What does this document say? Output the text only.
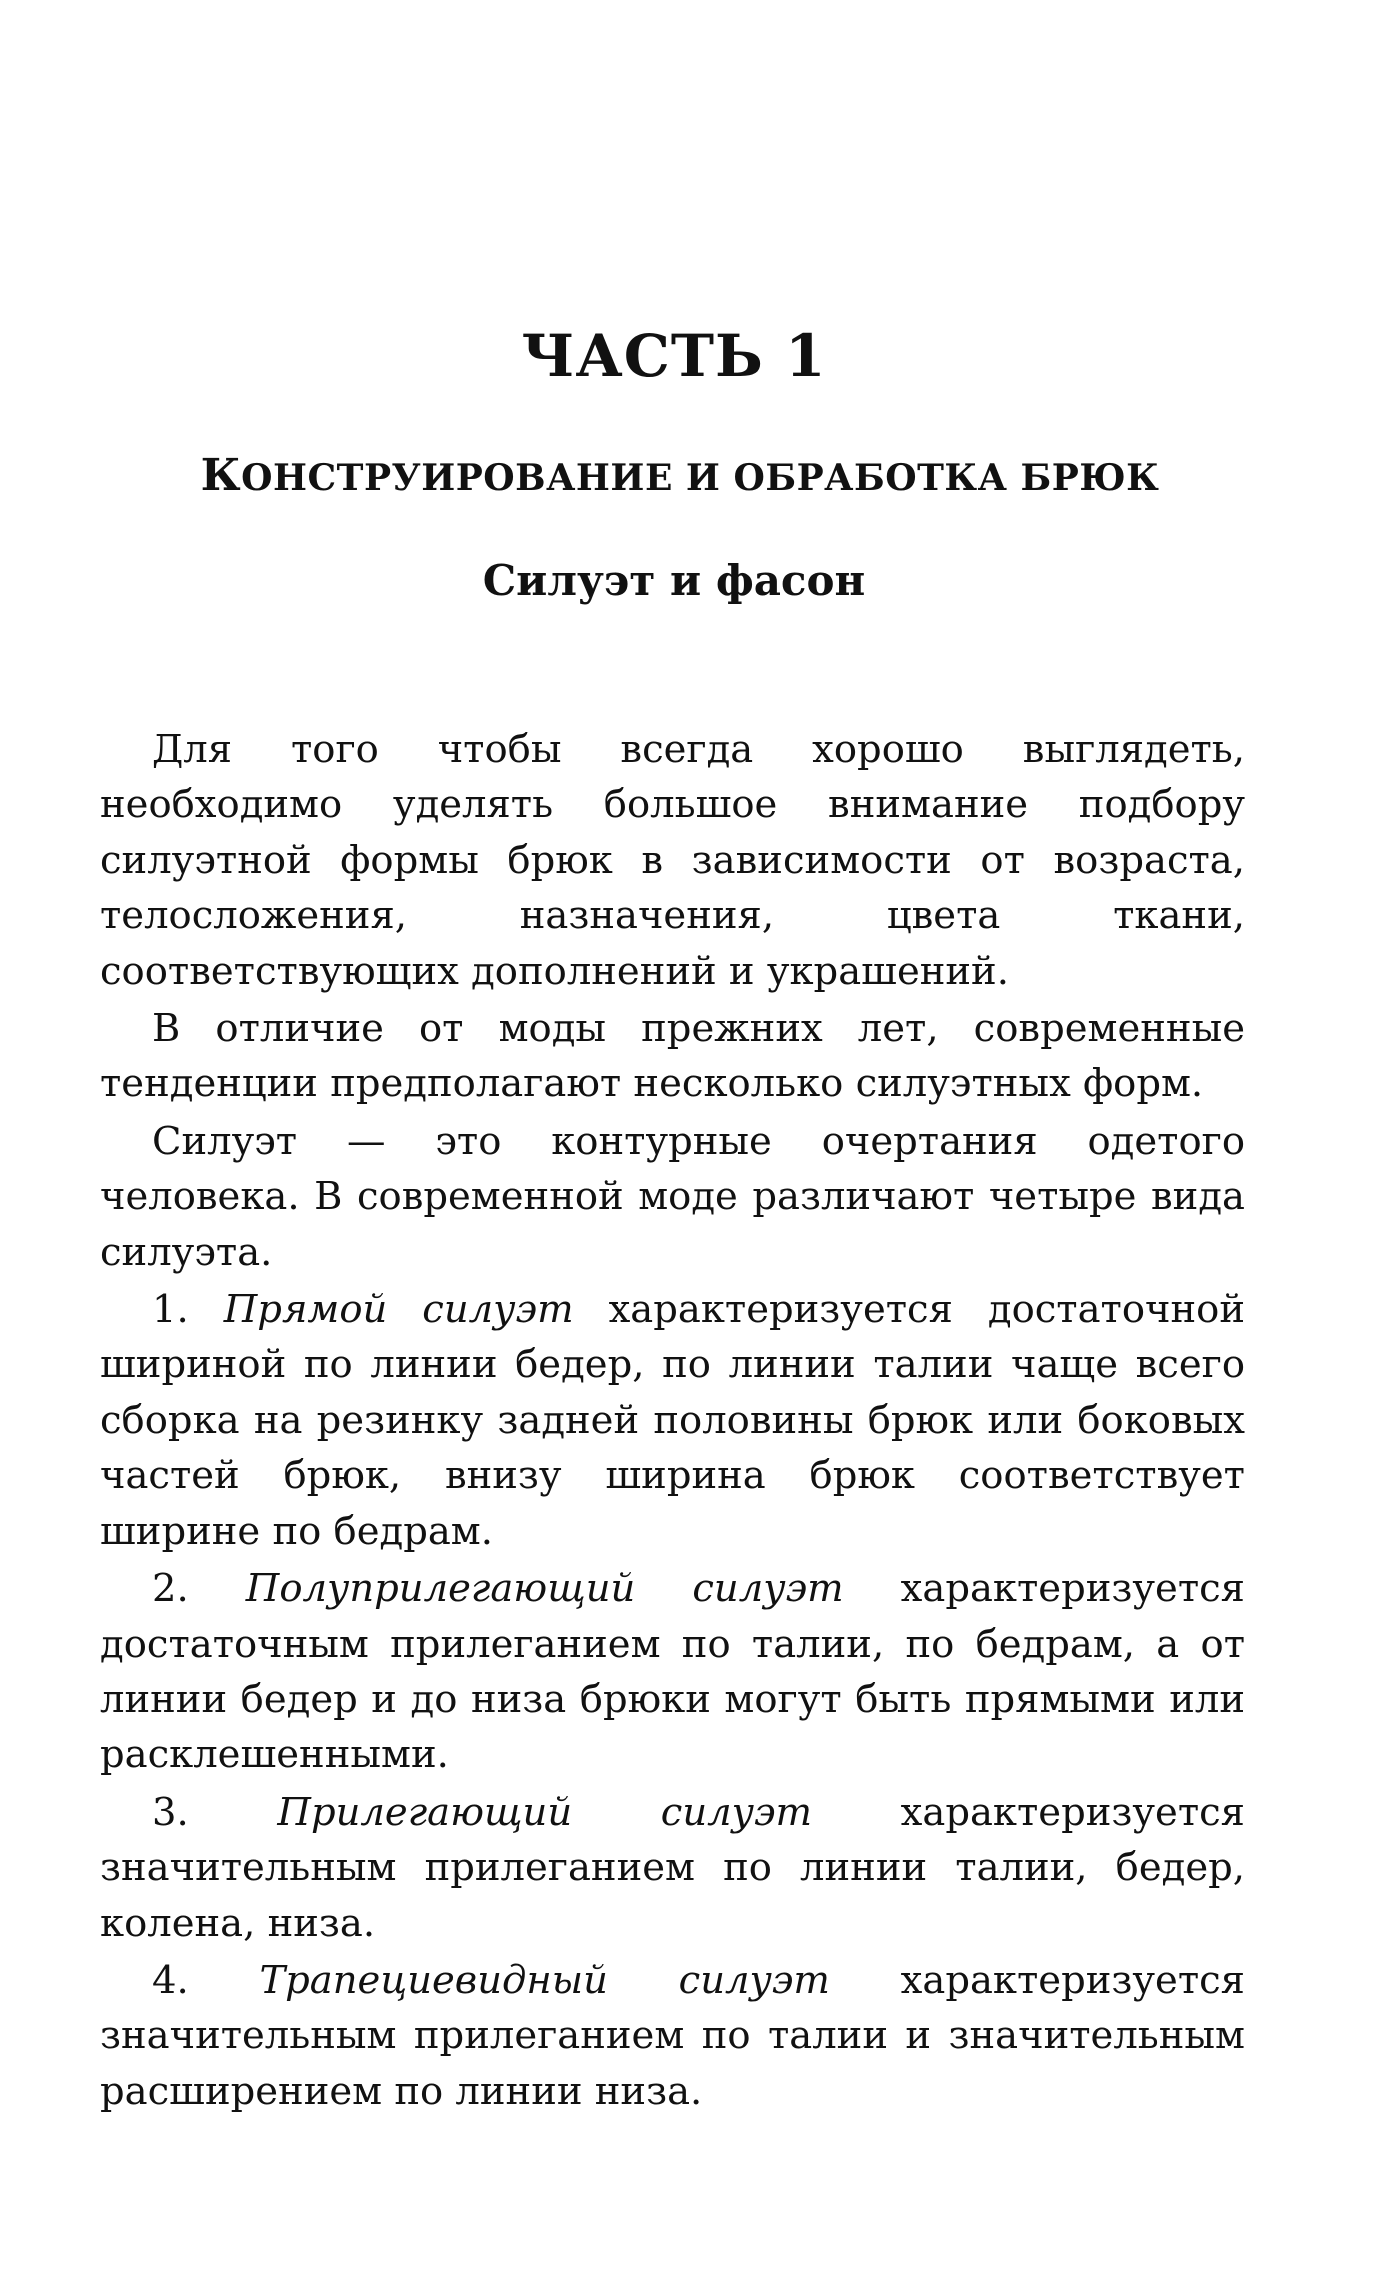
ЧАСТЬ 1
КОНСТРУИРОВАНИЕ И ОБРАБОТКА БРЮК
Силуэт и фасон

Для того чтобы всегда хорошо выглядеть, необходимо уделять большое внимание подбору силуэтной формы брюк в зависимости от возраста, телосложения, назначения, цвета ткани, соответствующих дополнений и украшений.

В отличие от моды прежних лет, современные тенденции предполагают несколько силуэтных форм.

Силуэт — это контурные очертания одетого человека. В современной моде различают четыре вида силуэта.

1. Прямой силуэт характеризуется достаточной шириной по линии бедер, по линии талии чаще всего сборка на резинку задней половины брюк или боковых частей брюк, внизу ширина брюк соответствует ширине по бедрам.

2. Полуприлегающий силуэт характеризуется достаточным прилеганием по талии, по бедрам, а от линии бедер и до низа брюки могут быть прямыми или расклешенными.

3. Прилегающий силуэт характеризуется значительным прилеганием по линии талии, бедер, колена, низа.

4. Трапециевидный силуэт характеризуется значительным прилеганием по талии и значительным расширением по линии низа.
